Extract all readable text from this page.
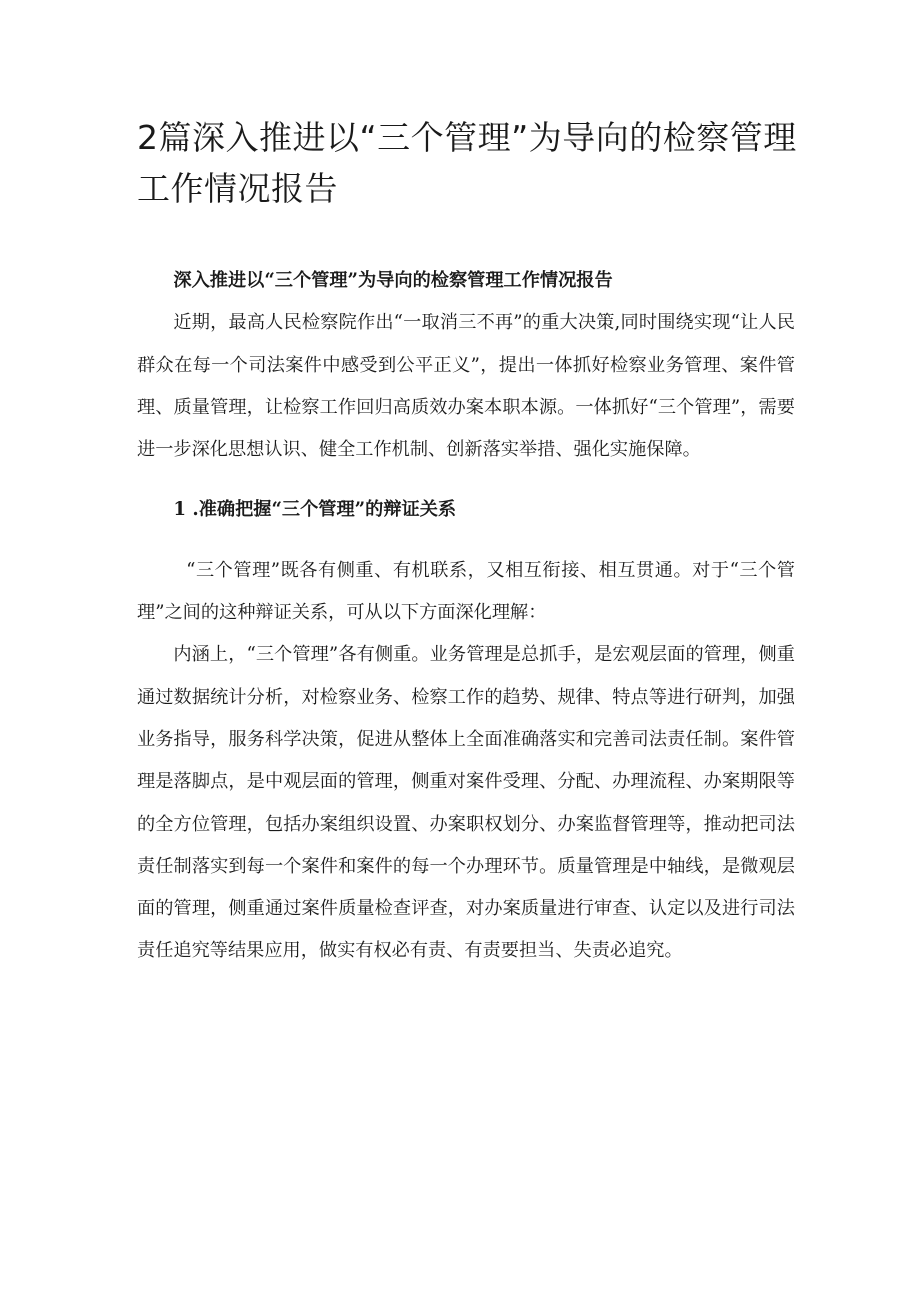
2篇深入推进以“三个管理”为导向的检察管理工作情况报告
深入推进以“三个管理”为导向的检察管理工作情况报告

近期，最高人民检察院作出“一取消三不再”的重大决策,同时围绕实现“让人民群众在每一个司法案件中感受到公平正义”，提出一体抓好检察业务管理、案件管理、质量管理，让检察工作回归高质效办案本职本源。一体抓好“三个管理”，需要进一步深化思想认识、健全工作机制、创新落实举措、强化实施保障。

1 .准确把握“三个管理”的辩证关系

“三个管理”既各有侧重、有机联系，又相互衔接、相互贯通。对于“三个管理”之间的这种辩证关系，可从以下方面深化理解：

内涵上，“三个管理”各有侧重。业务管理是总抓手，是宏观层面的管理，侧重通过数据统计分析，对检察业务、检察工作的趋势、规律、特点等进行研判，加强业务指导，服务科学决策，促进从整体上全面准确落实和完善司法责任制。案件管理是落脚点，是中观层面的管理，侧重对案件受理、分配、办理流程、办案期限等的全方位管理，包括办案组织设置、办案职权划分、办案监督管理等，推动把司法责任制落实到每一个案件和案件的每一个办理环节。质量管理是中轴线，是微观层面的管理，侧重通过案件质量检查评查，对办案质量进行审查、认定以及进行司法责任追究等结果应用，做实有权必有责、有责要担当、失责必追究。
